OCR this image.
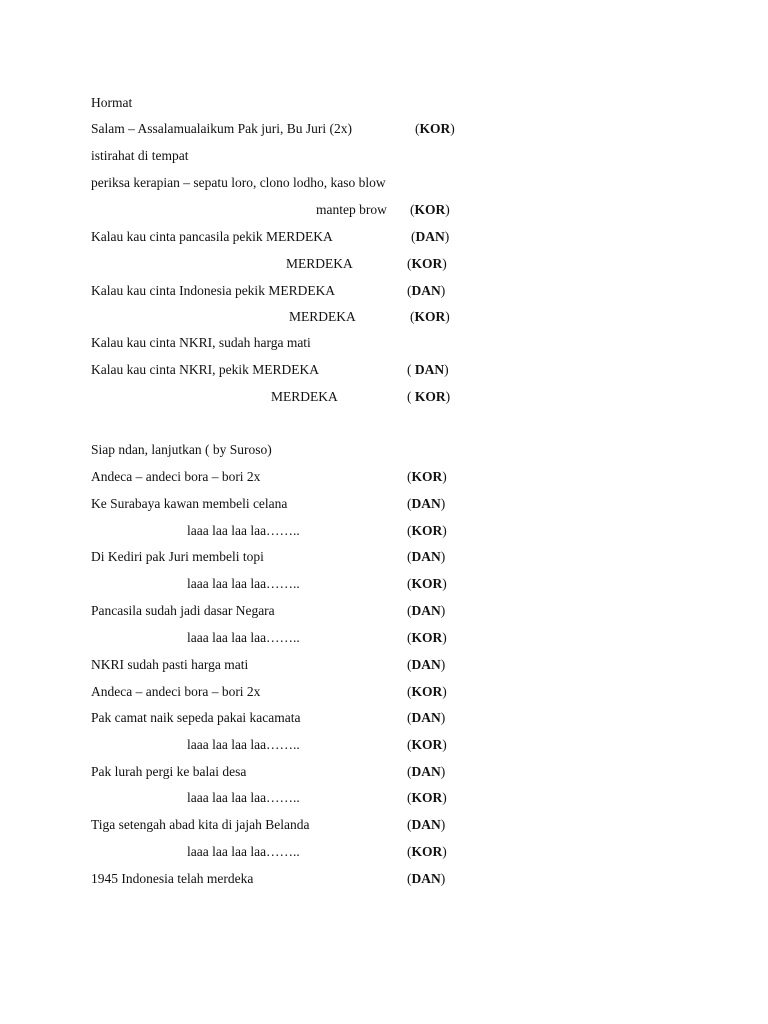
Hormat
Salam – Assalamualaikum Pak juri, Bu Juri (2x)	(KOR)
istirahat di tempat
periksa kerapian – sepatu loro, clono lodho, kaso blow
mantep brow (KOR)
Kalau kau cinta pancasila pekik MERDEKA	(DAN)
MERDEKA	(KOR)
Kalau kau cinta Indonesia pekik MERDEKA	(DAN)
MERDEKA	(KOR)
Kalau kau cinta NKRI, sudah harga mati
Kalau kau cinta NKRI, pekik MERDEKA	( DAN)
MERDEKA	( KOR)
Siap ndan, lanjutkan ( by Suroso)
Andeca – andeci bora – bori 2x	(KOR)
Ke Surabaya kawan membeli celana	(DAN)
laaa laa laa laa……..	(KOR)
Di Kediri pak Juri membeli topi	(DAN)
laaa laa laa laa……..	(KOR)
Pancasila sudah jadi dasar Negara	(DAN)
laaa laa laa laa……..	(KOR)
NKRI sudah pasti harga mati	(DAN)
Andeca – andeci bora – bori 2x	(KOR)
Pak camat naik sepeda pakai kacamata	(DAN)
laaa laa laa laa……..	(KOR)
Pak lurah pergi ke balai desa	(DAN)
laaa laa laa laa……..	(KOR)
Tiga setengah abad kita di jajah Belanda	(DAN)
laaa laa laa laa……..	(KOR)
1945 Indonesia telah merdeka	(DAN)
